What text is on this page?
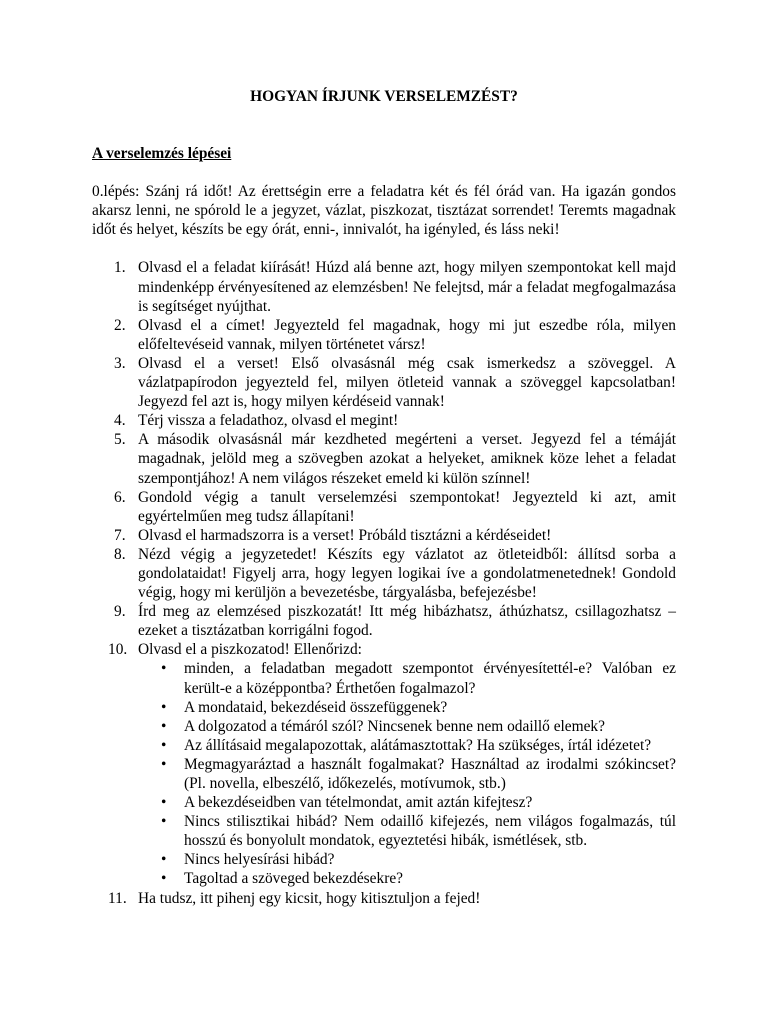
HOGYAN ÍRJUNK VERSELEMZÉST?

A verselemzés lépései

0.lépés: Szánj rá időt! Az érettségin erre a feladatra két és fél órád van. Ha igazán gondos akarsz lenni, ne spórold le a jegyzet, vázlat, piszkozat, tisztázat sorrendet! Teremts magadnak időt és helyet, készíts be egy órát, enni-, innivalót, ha igényled, és láss neki!

1. Olvasd el a feladat kiírását! Húzd alá benne azt, hogy milyen szempontokat kell majd mindenképp érvényesítened az elemzésben! Ne felejtsd, már a feladat megfogalmazása is segítséget nyújthat.
2. Olvasd el a címet! Jegyezteld fel magadnak, hogy mi jut eszedbe róla, milyen előfeltevéseid vannak, milyen történetet vársz!
3. Olvasd el a verset! Első olvasásnál még csak ismerkedsz a szöveggel. A vázlatpapírodon jegyezteld fel, milyen ötleteid vannak a szöveggel kapcsolatban! Jegyezd fel azt is, hogy milyen kérdéseid vannak!
4. Térj vissza a feladathoz, olvasd el megint!
5. A második olvasásnál már kezdheted megérteni a verset. Jegyezd fel a témáját magadnak, jelöld meg a szövegben azokat a helyeket, amiknek köze lehet a feladat szempontjához! A nem világos részeket emeld ki külön színnel!
6. Gondold végig a tanult verselemzési szempontokat! Jegyezteld ki azt, amit egyértelműen meg tudsz állapítani!
7. Olvasd el harmadszorra is a verset! Próbáld tisztázni a kérdéseidet!
8. Nézd végig a jegyzetedet! Készíts egy vázlatot az ötleteidből: állítsd sorba a gondolataidat! Figyelj arra, hogy legyen logikai íve a gondolatmenetednek! Gondold végig, hogy mi kerüljön a bevezetésbe, tárgyalásba, befejezésbe!
9. Írd meg az elemzésed piszkozatát! Itt még hibázhatsz, áthúzhatsz, csillagozhatsz – ezeket a tisztázatban korrigálni fogod.
10. Olvasd el a piszkozatod! Ellenőrizd:
• minden, a feladatban megadott szempontot érvényesítettél-e? Valóban ez került-e a középpontba? Érthetően fogalmazol?
• A mondataid, bekezdéseid összefüggenek?
• A dolgozatod a témáról szól? Nincsenek benne nem odaillő elemek?
• Az állításaid megalapozottak, alátámasztottak? Ha szükséges, írtál idézetet?
• Megmagyaráztad a használt fogalmakat? Használtad az irodalmi szókincset? (Pl. novella, elbeszélő, időkezelés, motívumok, stb.)
• A bekezdéseidben van tételmondat, amit aztán kifejtesz?
• Nincs stilisztikai hibád? Nem odaillő kifejezés, nem világos fogalmazás, túl hosszú és bonyolult mondatok, egyeztetési hibák, ismétlések, stb.
• Nincs helyesírási hibád?
• Tagoltad a szöveged bekezdésekre?
11. Ha tudsz, itt pihenj egy kicsit, hogy kitisztuljon a fejed!
